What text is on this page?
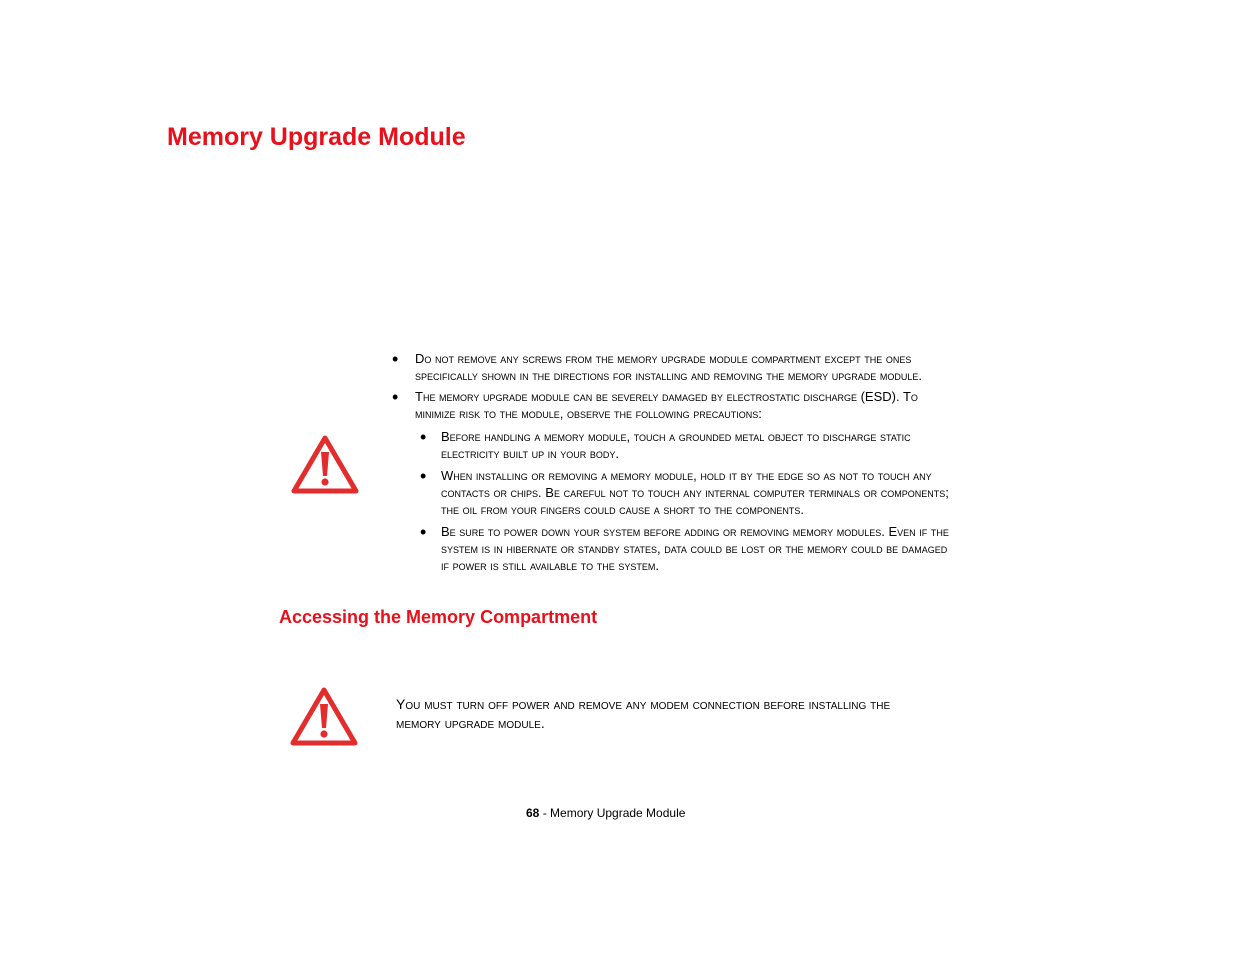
Memory Upgrade Module
• Do not remove any screws from the memory upgrade module compartment except the ones
specifically shown in the directions for installing and removing the memory upgrade module.
• The memory upgrade module can be severely damaged by electrostatic discharge (ESD). To
minimize risk to the module, observe the following precautions:
• Before handling a memory module, touch a grounded metal object to discharge static
electricity built up in your body.
• When installing or removing a memory module, hold it by the edge so as not to touch any
contacts or chips. Be careful not to touch any internal computer terminals or components;
the oil from your fingers could cause a short to the components.
• Be sure to power down your system before adding or removing memory modules. Even if the
system is in hibernate or standby states, data could be lost or the memory could be damaged
if power is still available to the system.
Accessing the Memory Compartment
You must turn off power and remove any modem connection before installing the
memory upgrade module.
68 - Memory Upgrade Module
